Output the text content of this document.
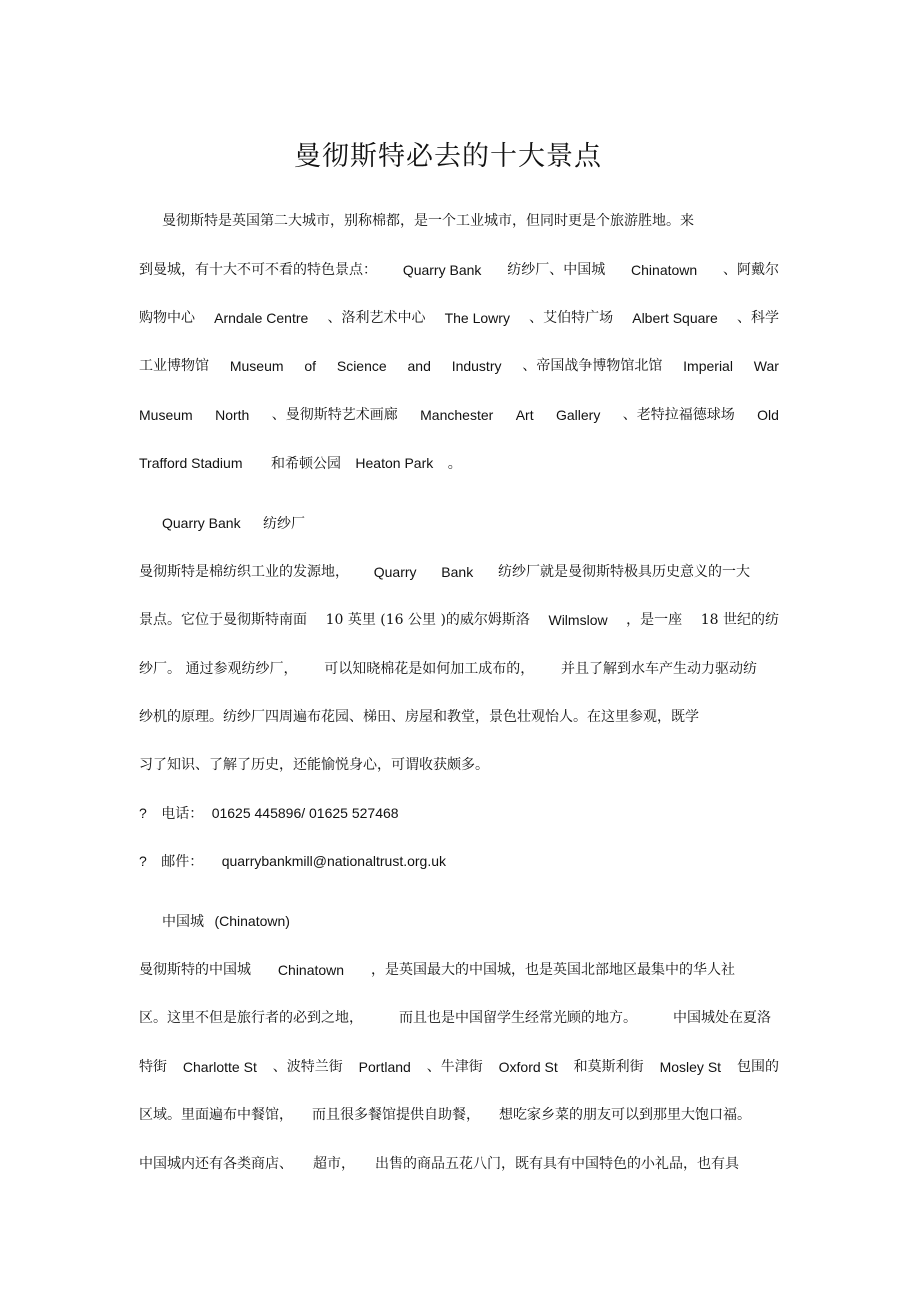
曼彻斯特必去的十大景点
曼彻斯特是英国第二大城市，别称棉都，是一个工业城市，但同时更是个旅游胜地。来
到曼城，有十大不可不看的特色景点： Quarry Bank 纺纱厂、中国城 Chinatown 、阿戴尔
购物中心 Arndale Centre 、洛利艺术中心 The Lowry 、艾伯特广场 Albert Square 、科学
工业博物馆 Museum of Science and Industry 、帝国战争博物馆北馆 Imperial War
Museum North 、曼彻斯特艺术画廊 Manchester Art Gallery 、老特拉福德球场 Old
Trafford Stadium 和希顿公园 Heaton Park 。
Quarry Bank 纺纱厂
曼彻斯特是棉纺织工业的发源地， Quarry Bank 纺纱厂就是曼彻斯特极具历史意义的一大
景点。它位于曼彻斯特南面 10 英里 (16 公里 )的威尔姆斯洛 Wilmslow ，是一座 18 世纪的纺
纱厂。 通过参观纺纱厂， 可以知晓棉花是如何加工成布的， 并且了解到水车产生动力驱动纺
纱机的原理。纺纱厂四周遍布花园、梯田、房屋和教堂，景色壮观怡人。在这里参观，既学
习了知识、了解了历史，还能愉悦身心，可谓收获颇多。
? 电话： 01625 445896/ 01625 527468
? 邮件： quarrybankmill@nationaltrust.org.uk
中国城 (Chinatown)
曼彻斯特的中国城 Chinatown ，是英国最大的中国城，也是英国北部地区最集中的华人社
区。这里不但是旅行者的必到之地，	而且也是中国留学生经常光顾的地方。	中国城处在夏洛
特街 Charlotte St 、波特兰街 Portland 、牛津街 Oxford St 和莫斯利街 Mosley St 包围的
区域。里面遍布中餐馆， 而且很多餐馆提供自助餐， 想吃家乡菜的朋友可以到那里大饱口福。
中国城内还有各类商店、 超市， 出售的商品五花八门，既有具有中国特色的小礼品，也有具
